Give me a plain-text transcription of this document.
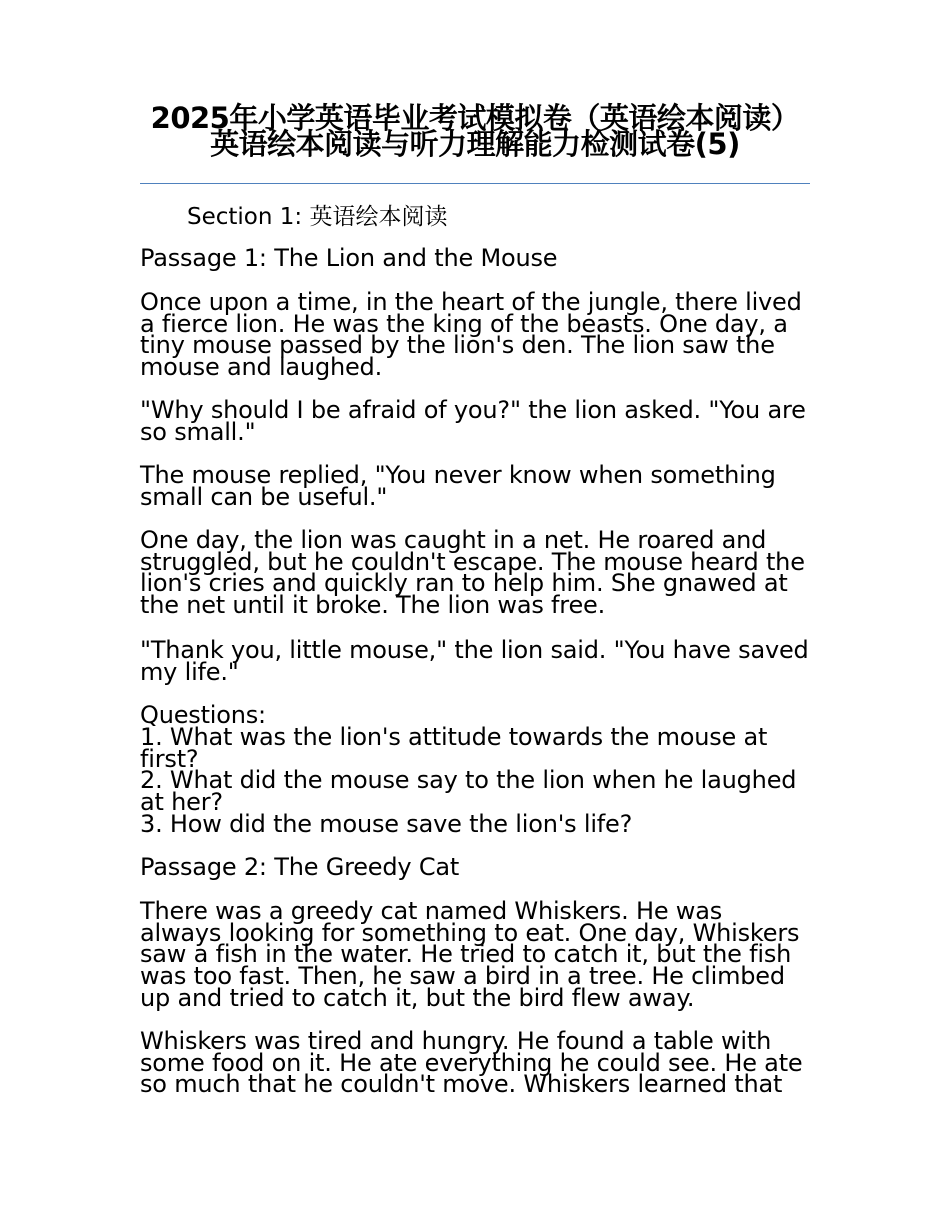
2025年小学英语毕业考试模拟卷（英语绘本阅读）英语绘本阅读与听力理解能力检测试卷(5)
Section 1: 英语绘本阅读
Passage 1: The Lion and the Mouse
Once upon a time, in the heart of the jungle, there lived a fierce lion. He was the king of the beasts. One day, a tiny mouse passed by the lion's den. The lion saw the mouse and laughed.
"Why should I be afraid of you?" the lion asked. "You are so small."
The mouse replied, "You never know when something small can be useful."
One day, the lion was caught in a net. He roared and struggled, but he couldn't escape. The mouse heard the lion's cries and quickly ran to help him. She gnawed at the net until it broke. The lion was free.
"Thank you, little mouse," the lion said. "You have saved my life."
Questions:
1. What was the lion's attitude towards the mouse at first?
2. What did the mouse say to the lion when he laughed at her?
3. How did the mouse save the lion's life?
Passage 2: The Greedy Cat
There was a greedy cat named Whiskers. He was always looking for something to eat. One day, Whiskers saw a fish in the water. He tried to catch it, but the fish was too fast. Then, he saw a bird in a tree. He climbed up and tried to catch it, but the bird flew away.
Whiskers was tired and hungry. He found a table with some food on it. He ate everything he could see. He ate so much that he couldn't move. Whiskers learned that
